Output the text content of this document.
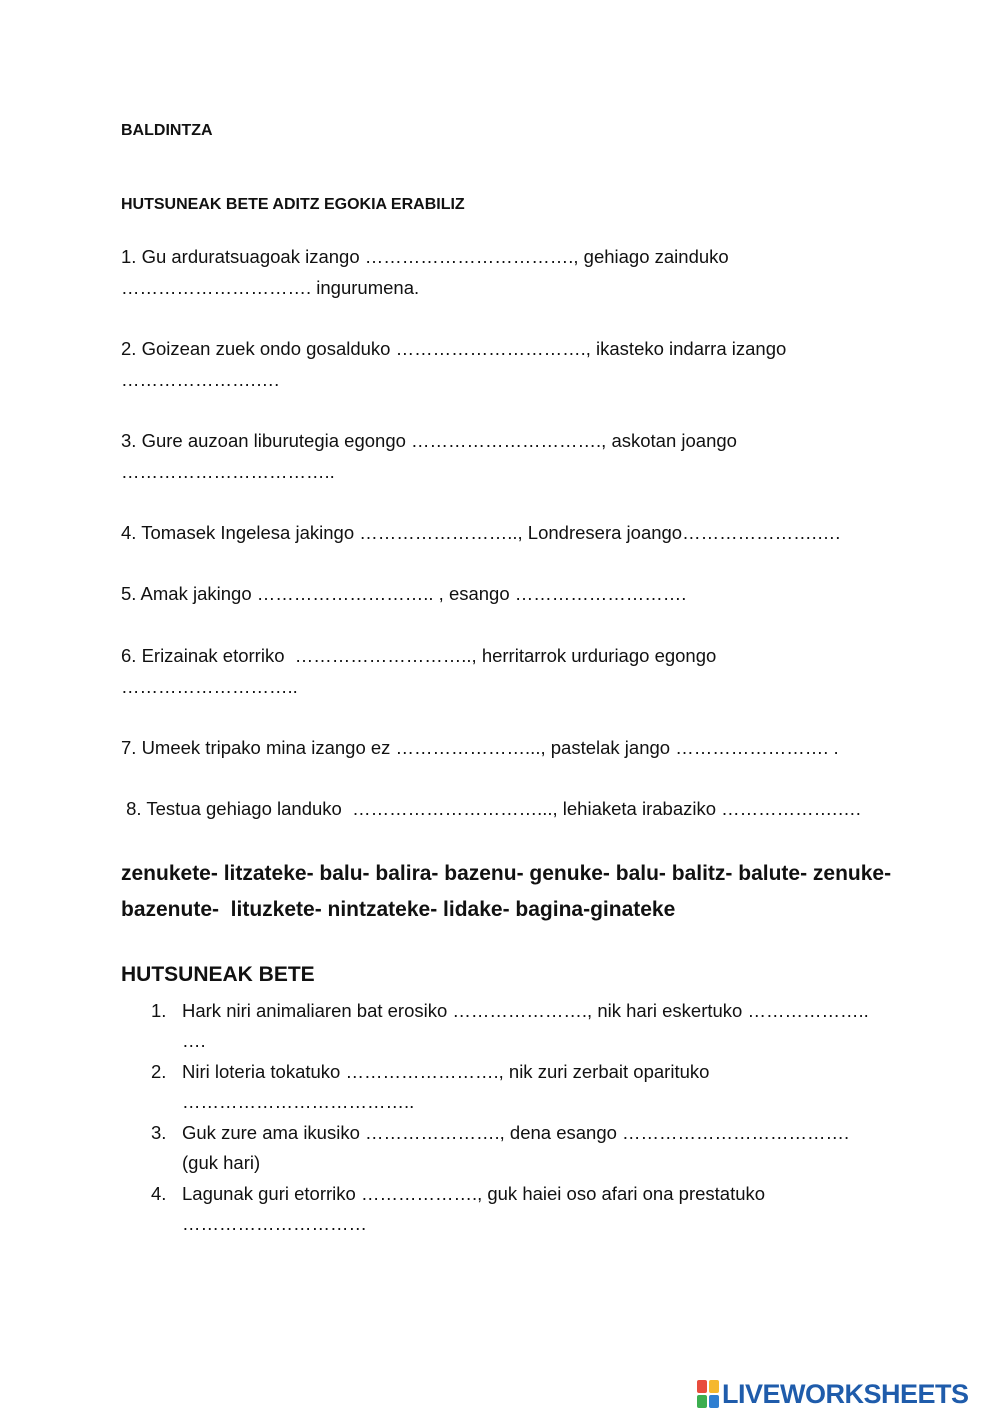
BALDINTZA
HUTSUNEAK BETE ADITZ EGOKIA ERABILIZ

1. Gu arduratsuagoak izango ……………………………., gehiago zainduko

…………………………. ingurumena.

2. Goizean zuek ondo gosalduko …………………………., ikasteko indarra izango

………………….….

3. Gure auzoan liburutegia egongo …………………………., askotan joango

……………………………..

4. Tomasek Ingelesa jakingo …………………….., Londresera joango………………….….

5. Amak jakingo ……………………….. , esango ……………………….

6. Erizainak etorriko  ……………………….., herritarrok urduriago egongo

………………………..

7. Umeek tripako mina izango ez …………………..., pastelak jango ……………………. .

8. Testua gehiago landuko  …………………………..., lehiaketa irabaziko ……………….….

zenukete- litzateke- balu- balira- bazenu- genuke- balu- balitz- balute- zenuke-

bazenute-  lituzkete- nintzateke- lidake- bagina-ginateke

HUTSUNEAK BETE
1. Hark niri animaliaren bat erosiko …………………., nik hari eskertuko ………………..

….

2. Niri loteria tokatuko ……………………., nik zuri zerbait oparituko

………………………………..

3. Guk zure ama ikusiko …………………., dena esango ……………………………….

(guk hari)

4. Lagunak guri etorriko ………………., guk haiei oso afari ona prestatuko

…………………………

LIVEWORKSHEETS
